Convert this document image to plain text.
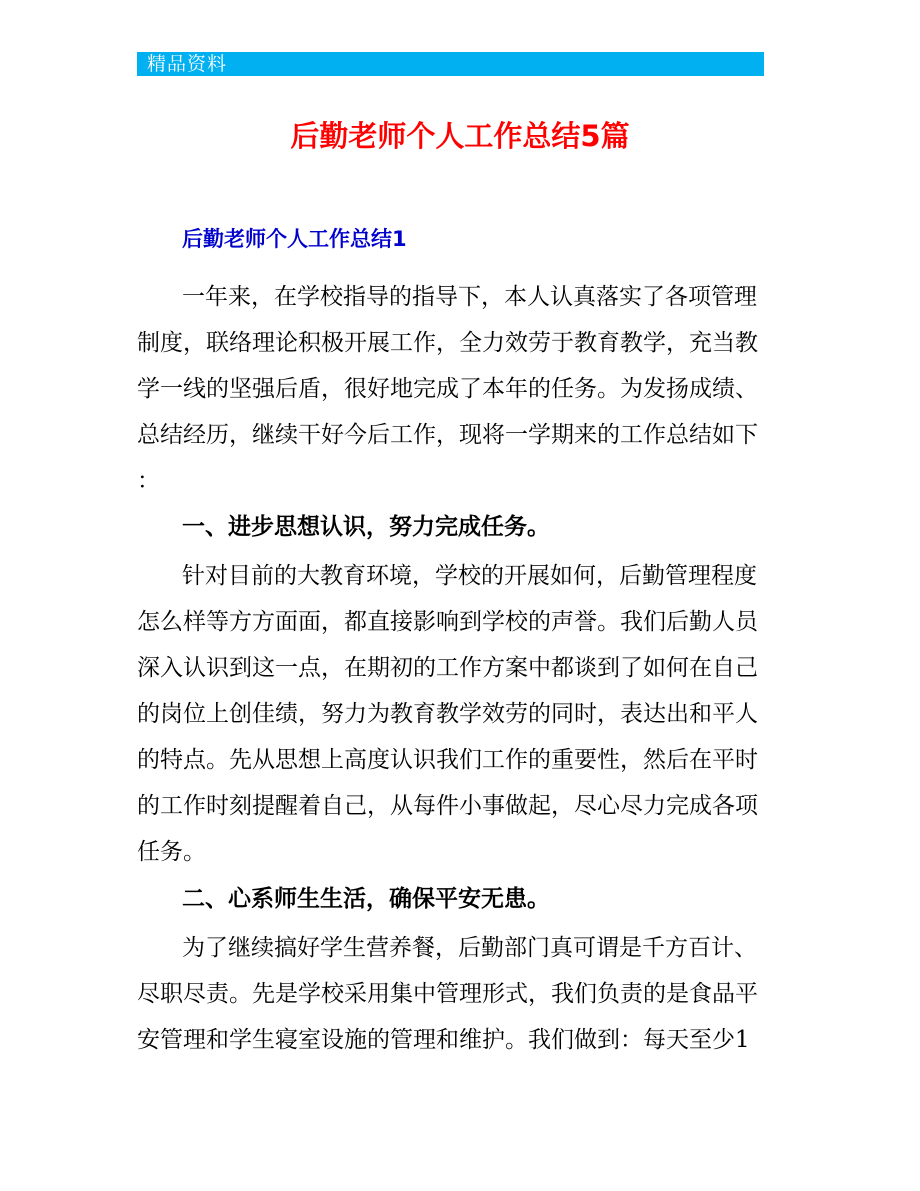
精品资料
后勤老师个人工作总结5篇
后勤老师个人工作总结1
一年来，在学校指导的指导下，本人认真落实了各项管理
制度，联络理论积极开展工作，全力效劳于教育教学，充当教
学一线的坚强后盾，很好地完成了本年的任务。为发扬成绩、
总结经历，继续干好今后工作，现将一学期来的工作总结如下
：
一、进步思想认识，努力完成任务。
针对目前的大教育环境，学校的开展如何，后勤管理程度
怎么样等方方面面，都直接影响到学校的声誉。我们后勤人员
深入认识到这一点，在期初的工作方案中都谈到了如何在自己
的岗位上创佳绩，努力为教育教学效劳的同时，表达出和平人
的特点。先从思想上高度认识我们工作的重要性，然后在平时
的工作时刻提醒着自己，从每件小事做起，尽心尽力完成各项
任务。
二、心系师生生活，确保平安无患。
为了继续搞好学生营养餐，后勤部门真可谓是千方百计、
尽职尽责。先是学校采用集中管理形式，我们负责的是食品平
安管理和学生寝室设施的管理和维护。我们做到：每天至少1
